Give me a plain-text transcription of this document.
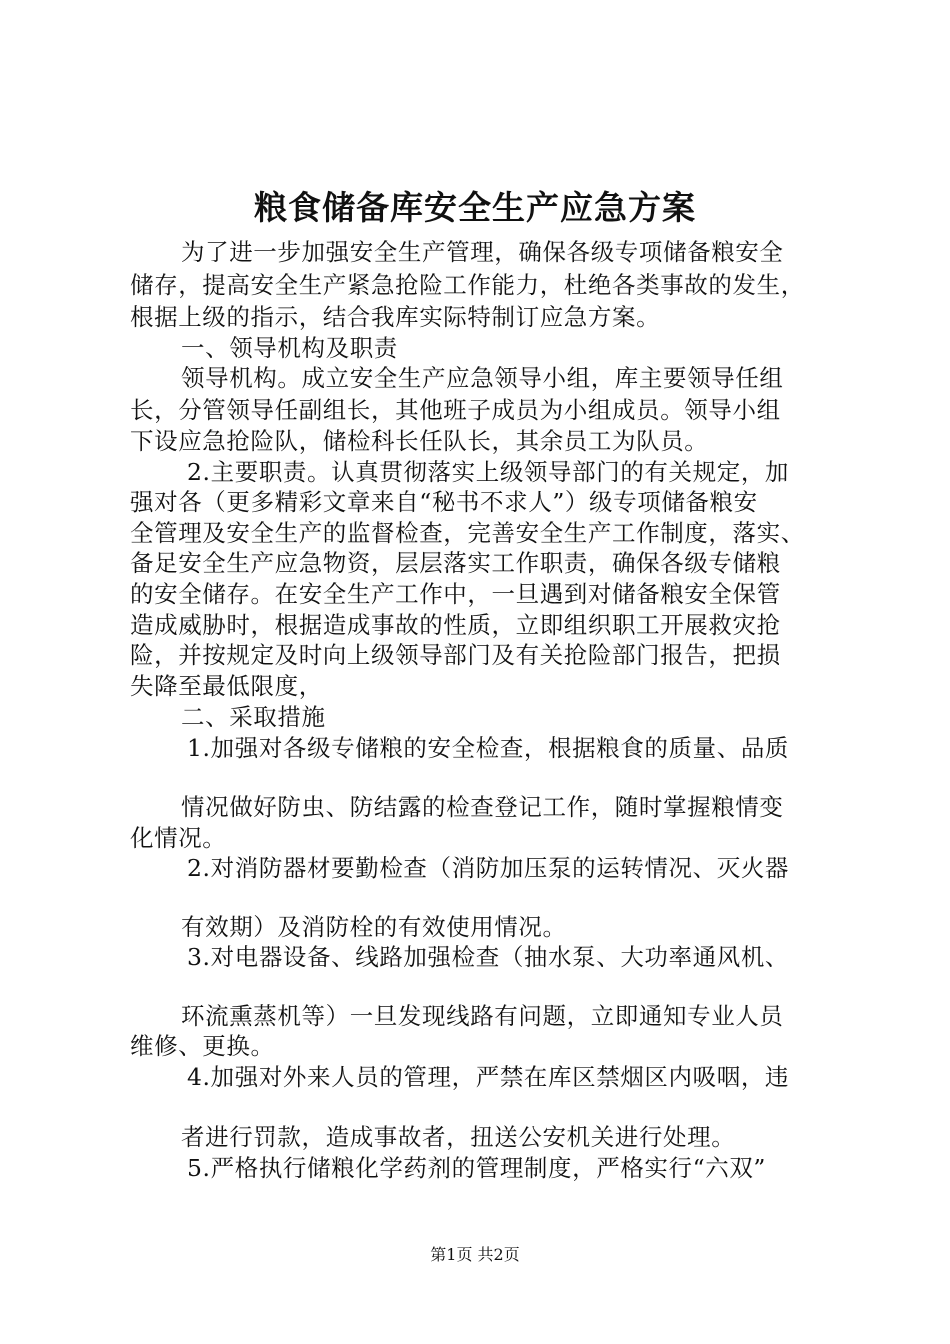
粮食储备库安全生产应急方案
为了进一步加强安全生产管理，确保各级专项储备粮安全
储存，提高安全生产紧急抢险工作能力，杜绝各类事故的发生，
根据上级的指示，结合我库实际特制订应急方案。
一、领导机构及职责
领导机构。成立安全生产应急领导小组，库主要领导任组
长，分管领导任副组长，其他班子成员为小组成员。领导小组
下设应急抢险队，储检科长任队长，其余员工为队员。
2.主要职责。认真贯彻落实上级领导部门的有关规定，加
强对各（更多精彩文章来自“秘书不求人”）级专项储备粮安
全管理及安全生产的监督检查，完善安全生产工作制度，落实、
备足安全生产应急物资，层层落实工作职责，确保各级专储粮
的安全储存。在安全生产工作中，一旦遇到对储备粮安全保管
造成威胁时，根据造成事故的性质，立即组织职工开展救灾抢
险，并按规定及时向上级领导部门及有关抢险部门报告，把损
失降至最低限度，
二、采取措施
1.加强对各级专储粮的安全检查，根据粮食的质量、品质
情况做好防虫、防结露的检查登记工作，随时掌握粮情变
化情况。
2.对消防器材要勤检查（消防加压泵的运转情况、灭火器
有效期）及消防栓的有效使用情况。
3.对电器设备、线路加强检查（抽水泵、大功率通风机、
环流熏蒸机等）一旦发现线路有问题，立即通知专业人员
维修、更换。
4.加强对外来人员的管理，严禁在库区禁烟区内吸咽，违
者进行罚款，造成事故者，扭送公安机关进行处理。
5.严格执行储粮化学药剂的管理制度，严格实行“六双”
第1页 共2页
